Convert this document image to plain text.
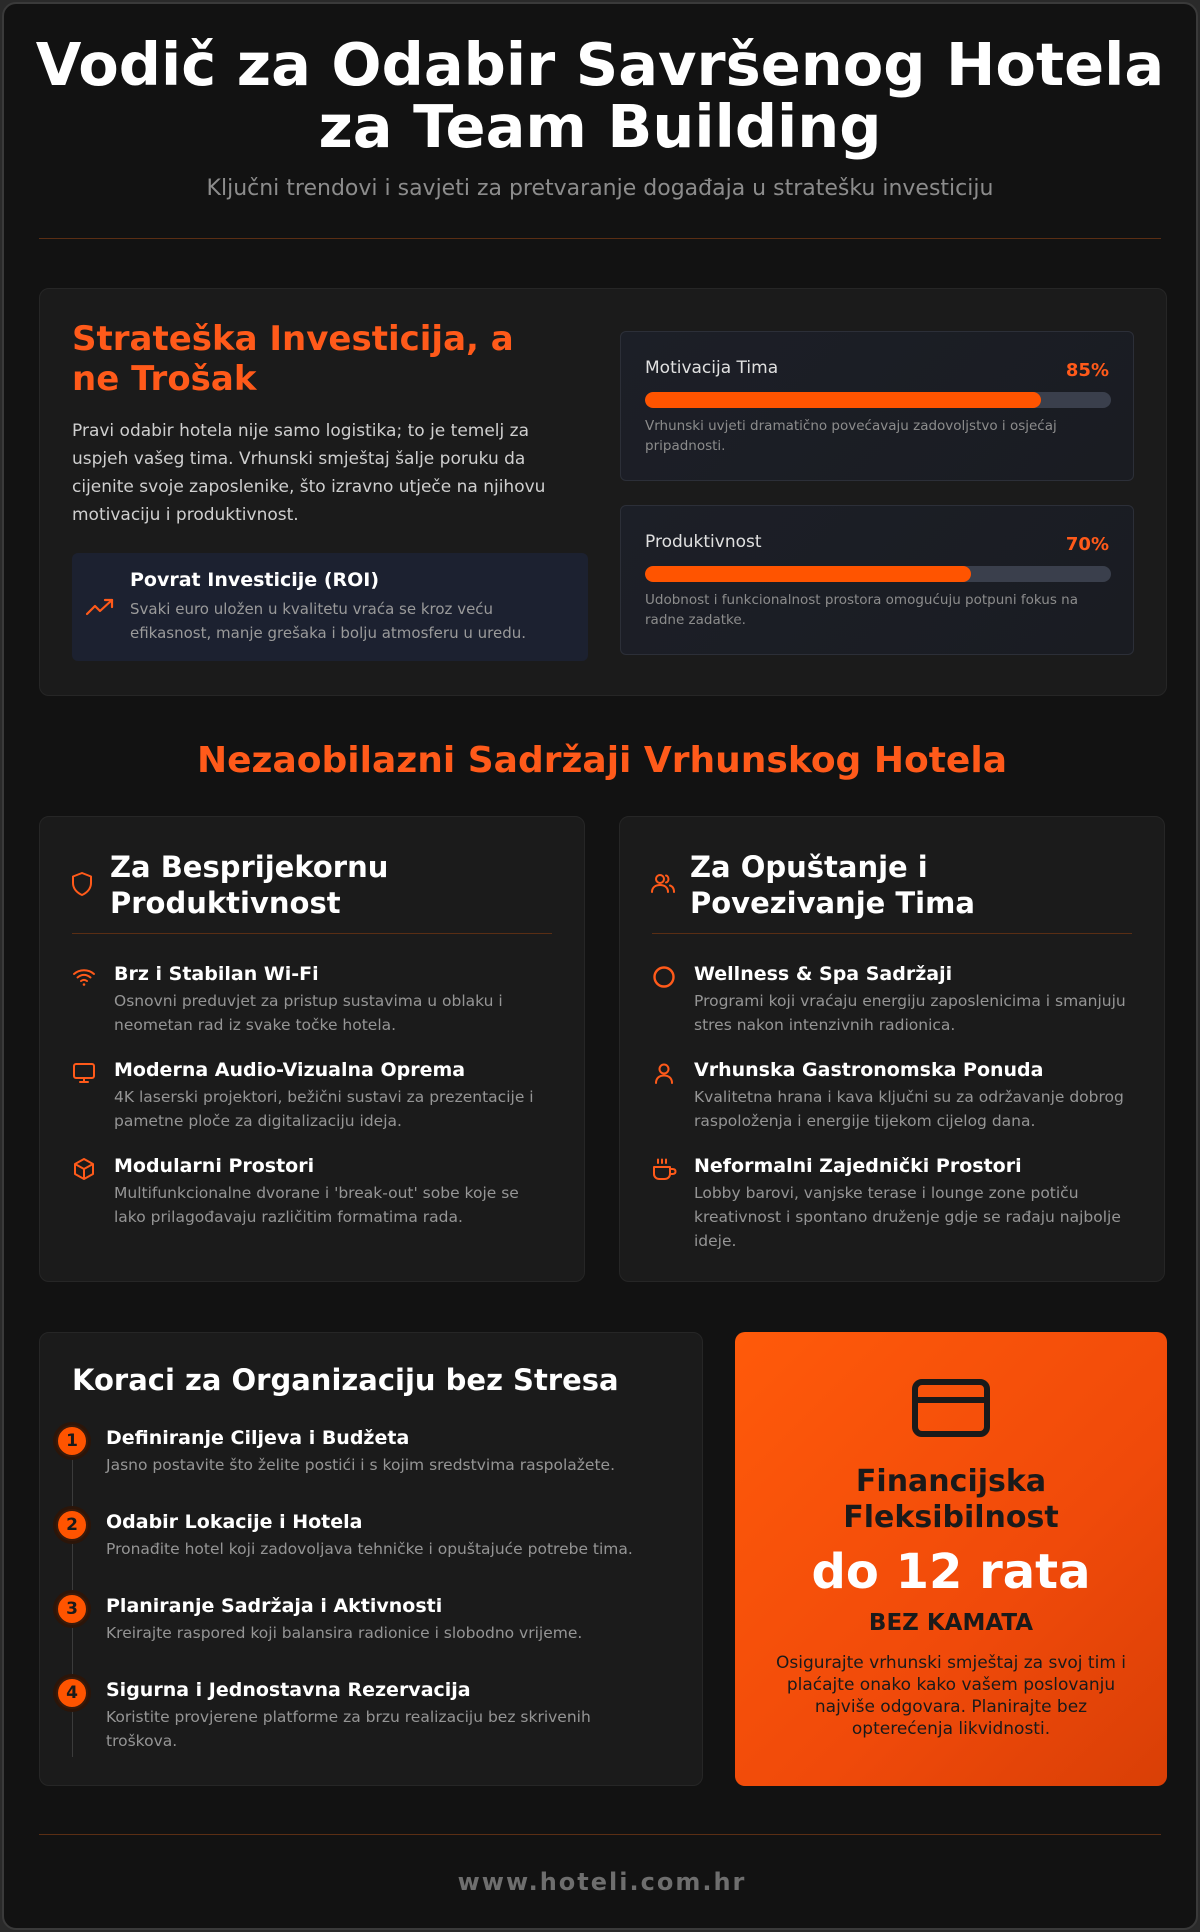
Vodič za Odabir Savršenog Hotela
za Team Building
Ključni trendovi i savjeti za pretvaranje događaja u stratešku investiciju
Strateška Investicija, a ne Trošak
Pravi odabir hotela nije samo logistika; to je temelj za uspjeh vašeg tima. Vrhunski smještaj šalje poruku da cijenite svoje zaposlenike, što izravno utječe na njihovu motivaciju i produktivnost.
Povrat Investicije (ROI)
Svaki euro uložen u kvalitetu vraća se kroz veću efikasnost, manje grešaka i bolju atmosferu u uredu.
Motivacija Tima	85%
Vrhunski uvjeti dramatično povećavaju zadovoljstvo i osjećaj pripadnosti.
Produktivnost	70%
Udobnost i funkcionalnost prostora omogućuju potpuni fokus na radne zadatke.
Nezaobilazni Sadržaji Vrhunskog Hotela
Za Besprijekornu Produktivnost
Brz i Stabilan Wi-Fi
Osnovni preduvjet za pristup sustavima u oblaku i neometan rad iz svake točke hotela.
Moderna Audio-Vizualna Oprema
4K laserski projektori, bežični sustavi za prezentacije i pametne ploče za digitalizaciju ideja.
Modularni Prostori
Multifunkcionalne dvorane i 'break-out' sobe koje se lako prilagođavaju različitim formatima rada.
Za Opuštanje i Povezivanje Tima
Wellness & Spa Sadržaji
Programi koji vraćaju energiju zaposlenicima i smanjuju stres nakon intenzivnih radionica.
Vrhunska Gastronomska Ponuda
Kvalitetna hrana i kava ključni su za održavanje dobrog raspoloženja i energije tijekom cijelog dana.
Neformalni Zajednički Prostori
Lobby barovi, vanjske terase i lounge zone potiču kreativnost i spontano druženje gdje se rađaju najbolje ideje.
Koraci za Organizaciju bez Stresa
1	Definiranje Ciljeva i Budžeta
Jasno postavite što želite postići i s kojim sredstvima raspolažete.
2	Odabir Lokacije i Hotela
Pronađite hotel koji zadovoljava tehničke i opuštajuće potrebe tima.
3	Planiranje Sadržaja i Aktivnosti
Kreirajte raspored koji balansira radionice i slobodno vrijeme.
4	Sigurna i Jednostavna Rezervacija
Koristite provjerene platforme za brzu realizaciju bez skrivenih troškova.
Financijska Fleksibilnost
do 12 rata
BEZ KAMATA
Osigurajte vrhunski smještaj za svoj tim i plaćajte onako kako vašem poslovanju najviše odgovara. Planirajte bez opterećenja likvidnosti.
www.hoteli.com.hr
